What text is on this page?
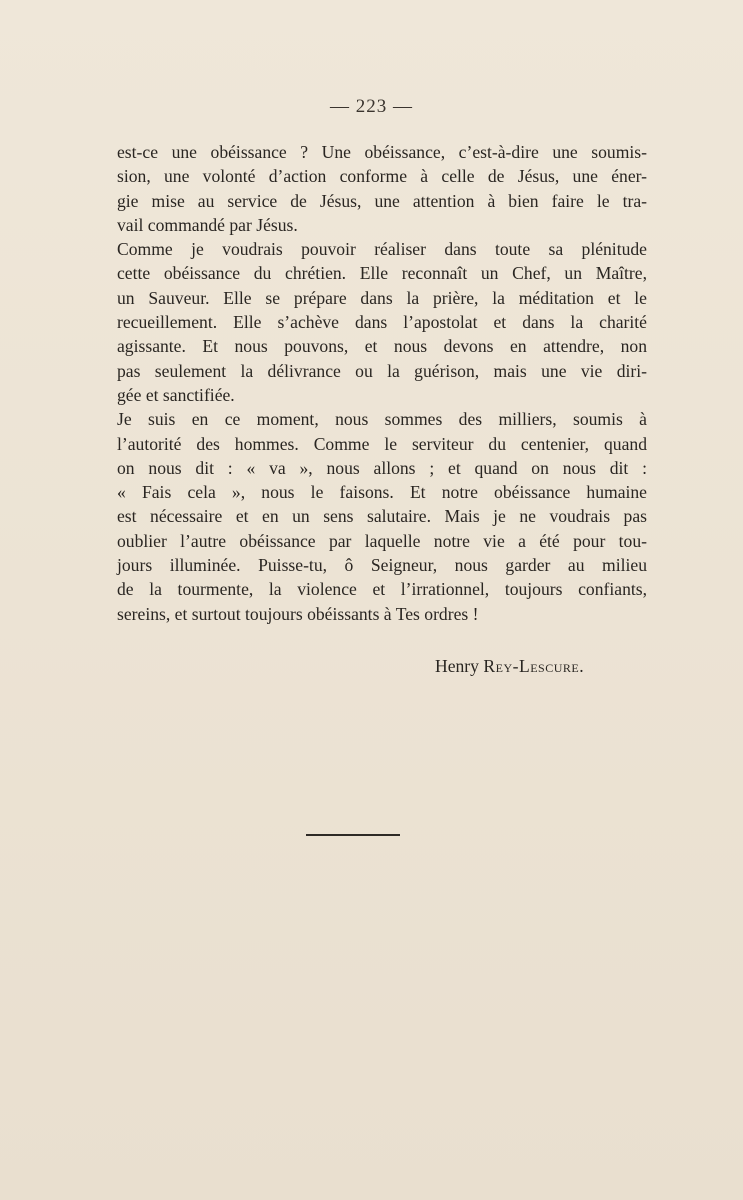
— 223 —
est-ce une obéissance ? Une obéissance, c’est-à-dire une soumis-
sion, une volonté d’action conforme à celle de Jésus, une éner-
gie mise au service de Jésus, une attention à bien faire le tra-
vail commandé par Jésus.
Comme je voudrais pouvoir réaliser dans toute sa plénitude
cette obéissance du chrétien. Elle reconnaît un Chef, un Maître,
un Sauveur. Elle se prépare dans la prière, la méditation et le
recueillement. Elle s’achève dans l’apostolat et dans la charité
agissante. Et nous pouvons, et nous devons en attendre, non
pas seulement la délivrance ou la guérison, mais une vie diri-
gée et sanctifiée.
Je suis en ce moment, nous sommes des milliers, soumis à
l’autorité des hommes. Comme le serviteur du centenier, quand
on nous dit : « va », nous allons ; et quand on nous dit :
« Fais cela », nous le faisons. Et notre obéissance humaine
est nécessaire et en un sens salutaire. Mais je ne voudrais pas
oublier l’autre obéissance par laquelle notre vie a été pour tou-
jours illuminée. Puisse-tu, ô Seigneur, nous garder au milieu
de la tourmente, la violence et l’irrationnel, toujours confiants,
sereins, et surtout toujours obéissants à Tes ordres !
Henry Rey-Lescure.
